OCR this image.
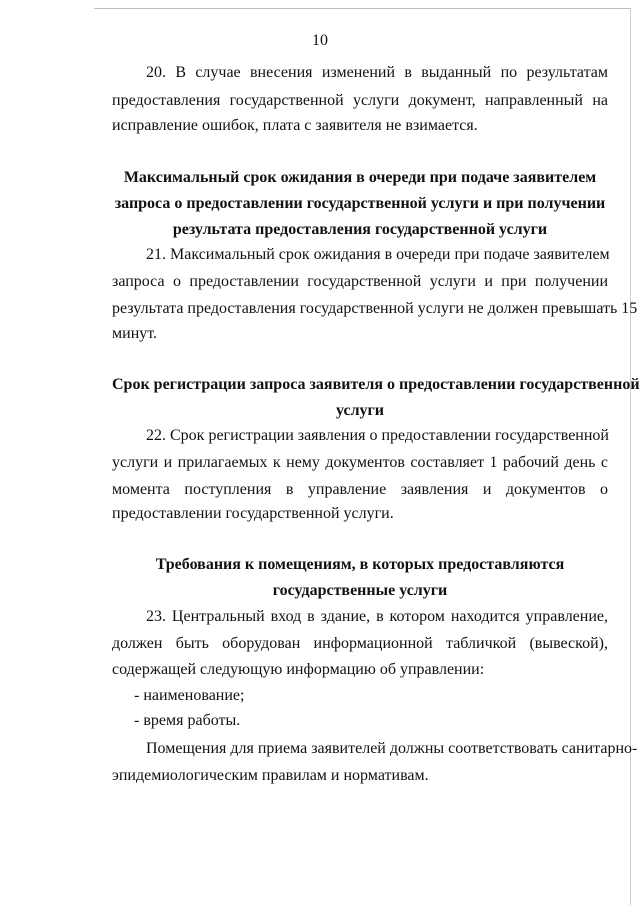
10
20. В случае внесения изменений в выданный по результатам
предоставления государственной услуги документ, направленный на
исправление ошибок, плата с заявителя не взимается.
Максимальный срок ожидания в очереди при подаче заявителем
запроса о предоставлении государственной услуги и при получении
результата предоставления государственной услуги
21. Максимальный срок ожидания в очереди при подаче заявителем
запроса о предоставлении государственной услуги и при получении
результата предоставления государственной услуги не должен превышать 15
минут.
Срок регистрации запроса заявителя о предоставлении государственной
услуги
22. Срок регистрации заявления о предоставлении государственной
услуги и прилагаемых к нему документов составляет 1 рабочий день с
момента поступления в управление заявления и документов о
предоставлении государственной услуги.
Требования к помещениям, в которых предоставляются
государственные услуги
23. Центральный вход в здание, в котором находится управление,
должен быть оборудован информационной табличкой (вывеской),
содержащей следующую информацию об управлении:
- наименование;
- время работы.
Помещения для приема заявителей должны соответствовать санитарно-
эпидемиологическим правилам и нормативам.
